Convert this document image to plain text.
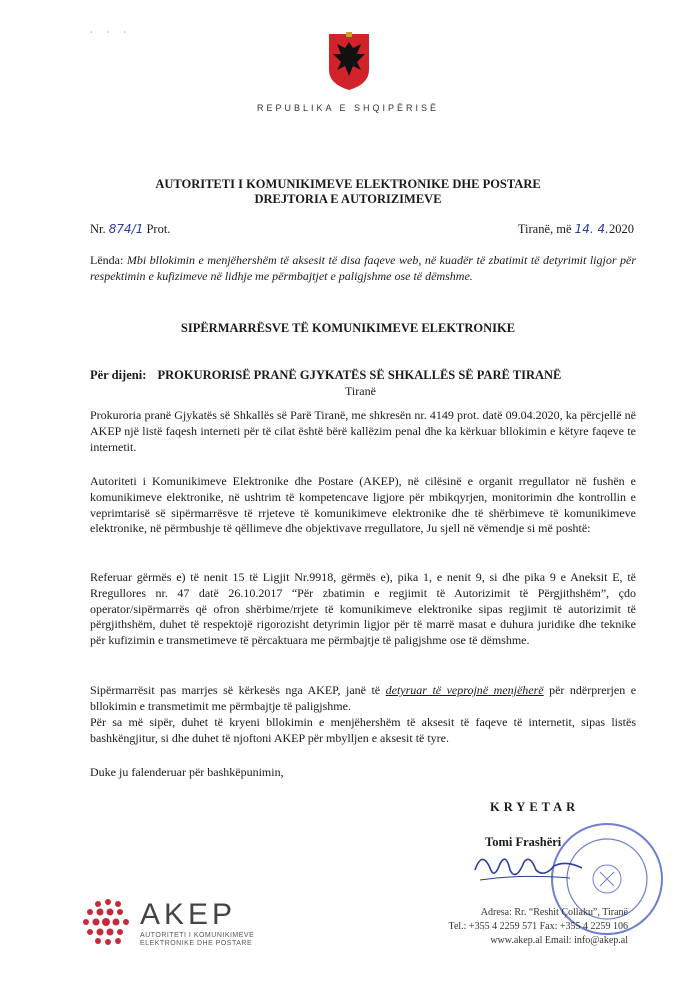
· · ·
REPUBLIKA E SHQIPËRISË
AUTORITETI I KOMUNIKIMEVE ELEKTRONIKE DHE POSTARE
DREJTORIA E AUTORIZIMEVE
Nr. 874/1 Prot.	Tiranë, më 14. 4.2020
Lënda: Mbi bllokimin e menjëhershëm të aksesit të disa faqeve web, në kuadër të zbatimit të detyrimit ligjor për respektimin e kufizimeve në lidhje me përmbajtjet e paligjshme ose të dëmshme.
SIPËRMARRËSVE TË KOMUNIKIMEVE ELEKTRONIKE
Për dijeni: PROKURORISË PRANË GJYKATËS SË SHKALLËS SË PARË TIRANË
Tiranë
Prokuroria pranë Gjykatës së Shkallës së Parë Tiranë, me shkresën nr. 4149 prot. datë 09.04.2020, ka përcjellë në AKEP një listë faqesh interneti për të cilat është bërë kallëzim penal dhe ka kërkuar bllokimin e këtyre faqeve te internetit.
Autoriteti i Komunikimeve Elektronike dhe Postare (AKEP), në cilësinë e organit rregullator në fushën e komunikimeve elektronike, në ushtrim të kompetencave ligjore për mbikqyrjen, monitorimin dhe kontrollin e veprimtarisë së sipërmarrësve të rrjeteve të komunikimeve elektronike dhe të shërbimeve të komunikimeve elektronike, në përmbushje të qëllimeve dhe objektivave rregullatore, Ju sjell në vëmendje si më poshtë:
Referuar gërmës e) të nenit 15 të Ligjit Nr.9918, gërmës e), pika 1, e nenit 9, si dhe pika 9 e Aneksit E, të Rregullores nr. 47 datë 26.10.2017 “Për zbatimin e regjimit të Autorizimit të Përgjithshëm”, çdo operator/sipërmarrës që ofron shërbime/rrjete të komunikimeve elektronike sipas regjimit të autorizimit të përgjithshëm, duhet të respektojë rigorozisht detyrimin ligjor për të marrë masat e duhura juridike dhe teknike për kufizimin e transmetimeve të përcaktuara me përmbajtje të paligjshme ose të dëmshme.
Sipërmarrësit pas marrjes së kërkesës nga AKEP, janë të detyruar të veprojnë menjëherë për ndërprerjen e bllokimin e transmetimit me përmbajtje të paligjshme.
Për sa më sipër, duhet të kryeni bllokimin e menjëhershëm të aksesit të faqeve të internetit, sipas listës bashkëngjitur, si dhe duhet të njoftoni AKEP për mbylljen e aksesit të tyre.
Duke ju falenderuar për bashkëpunimin,
KRYETAR
Tomi Frashëri
AKEP
AUTORITETI I KOMUNIKIMEVE
ELEKTRONIKE DHE POSTARE
Adresa: Rr. “Reshit Çollaku”, Tiranë
Tel.: +355 4 2259 571 Fax: +355 4 2259 106
www.akep.al Email: info@akep.al
